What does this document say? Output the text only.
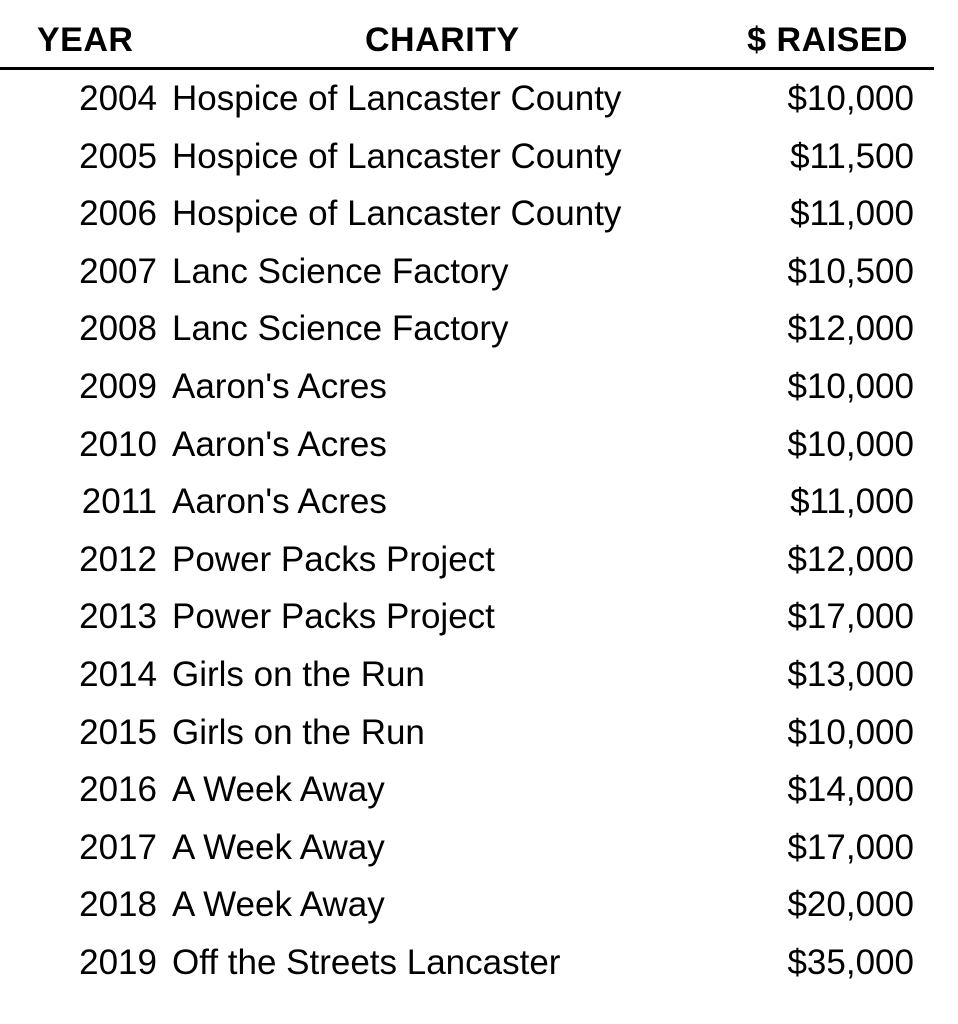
YEAR	CHARITY	$ RAISED
2004 Hospice of Lancaster County	$10,000
2005 Hospice of Lancaster County	$11,500
2006 Hospice of Lancaster County	$11,000
2007 Lanc Science Factory	$10,500
2008 Lanc Science Factory	$12,000
2009 Aaron's Acres	$10,000
2010 Aaron's Acres	$10,000
2011 Aaron's Acres	$11,000
2012 Power Packs Project	$12,000
2013 Power Packs Project	$17,000
2014 Girls on the Run	$13,000
2015 Girls on the Run	$10,000
2016 A Week Away	$14,000
2017 A Week Away	$17,000
2018 A Week Away	$20,000
2019 Off the Streets Lancaster	$35,000
